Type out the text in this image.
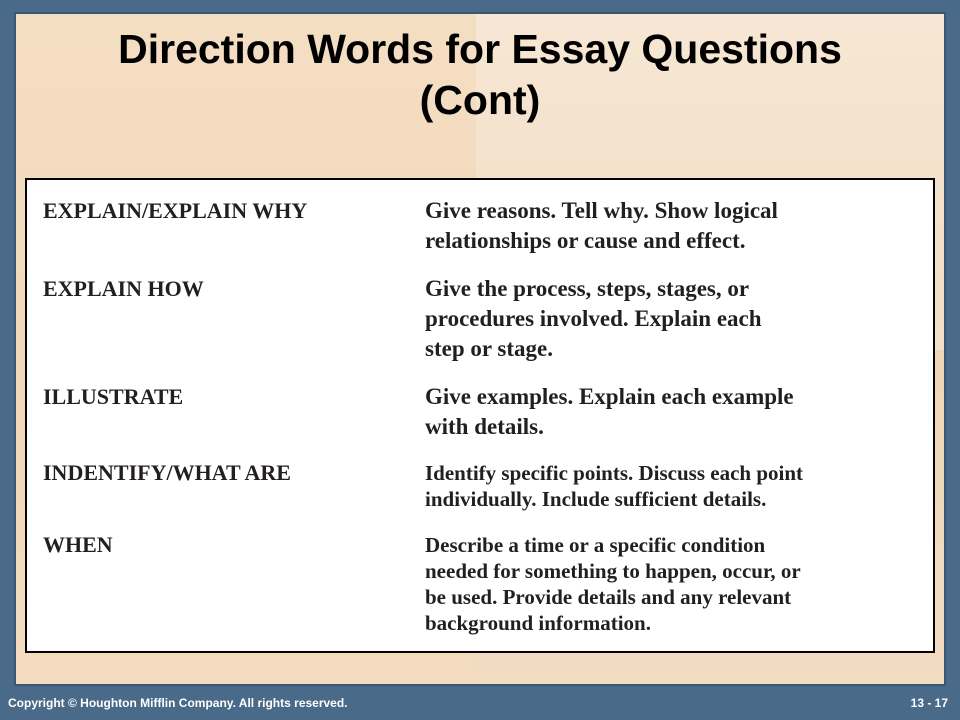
Direction Words for Essay Questions
(Cont)
EXPLAIN/EXPLAIN WHY	Give reasons. Tell why. Show logical
relationships or cause and effect.
EXPLAIN HOW	Give the process, steps, stages, or
procedures involved. Explain each
step or stage.
ILLUSTRATE	Give examples. Explain each example
with details.
INDENTIFY/WHAT ARE	Identify specific points. Discuss each point
individually. Include sufficient details.
WHEN	Describe a time or a specific condition
needed for something to happen, occur, or
be used. Provide details and any relevant
background information.
Copyright © Houghton Mifflin Company. All rights reserved.	13 - 17
